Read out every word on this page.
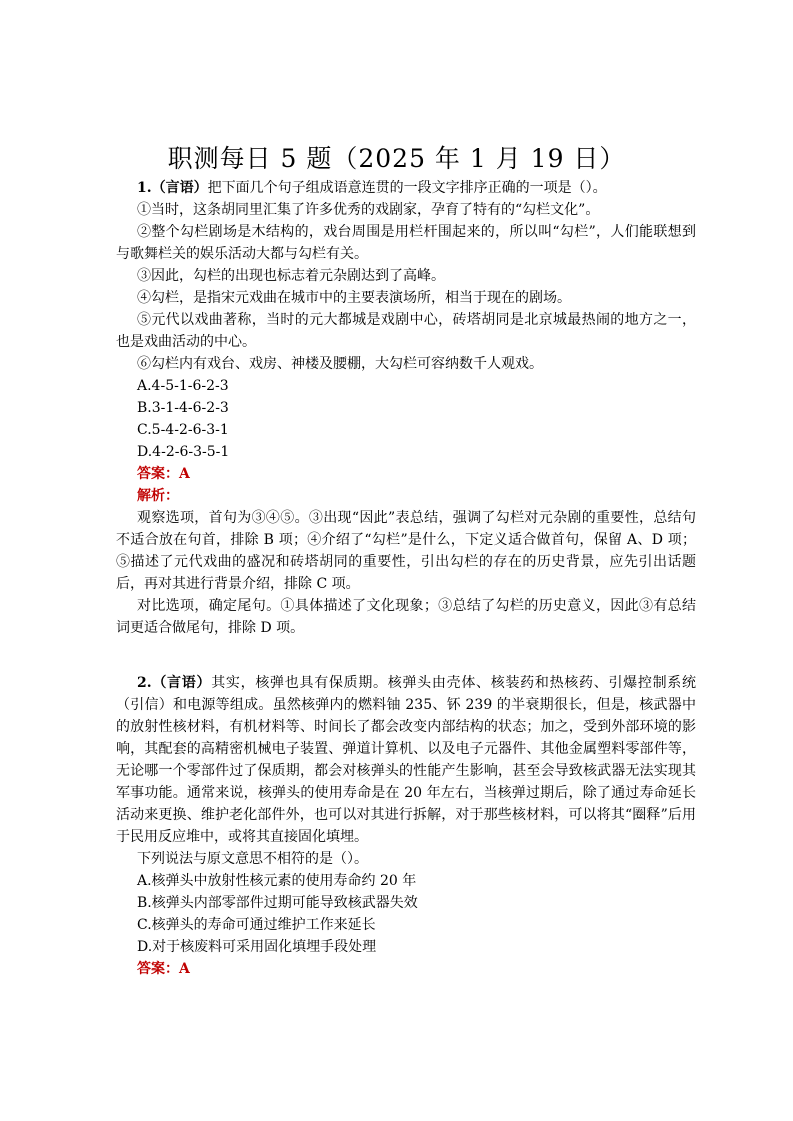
职测每日 5 题（2025 年 1 月 19 日）

1.（言语）把下面几个句子组成语意连贯的一段文字排序正确的一项是（）。

①当时，这条胡同里汇集了许多优秀的戏剧家，孕育了特有的“勾栏文化”。

②整个勾栏剧场是木结构的，戏台周围是用栏杆围起来的，所以叫“勾栏”，人们能联想到与歌舞栏关的娱乐活动大都与勾栏有关。

③因此，勾栏的出现也标志着元杂剧达到了高峰。

④勾栏，是指宋元戏曲在城市中的主要表演场所，相当于现在的剧场。

⑤元代以戏曲著称，当时的元大都城是戏剧中心，砖塔胡同是北京城最热闹的地方之一，也是戏曲活动的中心。

⑥勾栏内有戏台、戏房、神楼及腰棚，大勾栏可容纳数千人观戏。

A.4-5-1-6-2-3

B.3-1-4-6-2-3

C.5-4-2-6-3-1

D.4-2-6-3-5-1

答案：A

解析：

观察选项，首句为③④⑤。③出现“因此”表总结，强调了勾栏对元杂剧的重要性，总结句不适合放在句首，排除 B 项；④介绍了“勾栏”是什么，下定义适合做首句，保留 A、D 项；⑤描述了元代戏曲的盛况和砖塔胡同的重要性，引出勾栏的存在的历史背景，应先引出话题后，再对其进行背景介绍，排除 C 项。

对比选项，确定尾句。①具体描述了文化现象；③总结了勾栏的历史意义，因此③有总结词更适合做尾句，排除 D 项。

2.（言语）其实，核弹也具有保质期。核弹头由壳体、核装药和热核药、引爆控制系统（引信）和电源等组成。虽然核弹内的燃料铀 235、钚 239 的半衰期很长，但是，核武器中的放射性核材料，有机材料等、时间长了都会改变内部结构的状态；加之，受到外部环境的影响，其配套的高精密机械电子装置、弹道计算机、以及电子元器件、其他金属塑料零部件等，无论哪一个零部件过了保质期，都会对核弹头的性能产生影响，甚至会导致核武器无法实现其军事功能。通常来说，核弹头的使用寿命是在 20 年左右，当核弹过期后，除了通过寿命延长活动来更换、维护老化部件外，也可以对其进行拆解，对于那些核材料，可以将其“圈释”后用于民用反应堆中，或将其直接固化填埋。

下列说法与原文意思不相符的是（）。

A.核弹头中放射性核元素的使用寿命约 20 年

B.核弹头内部零部件过期可能导致核武器失效

C.核弹头的寿命可通过维护工作来延长

D.对于核废料可采用固化填埋手段处理

答案：A
